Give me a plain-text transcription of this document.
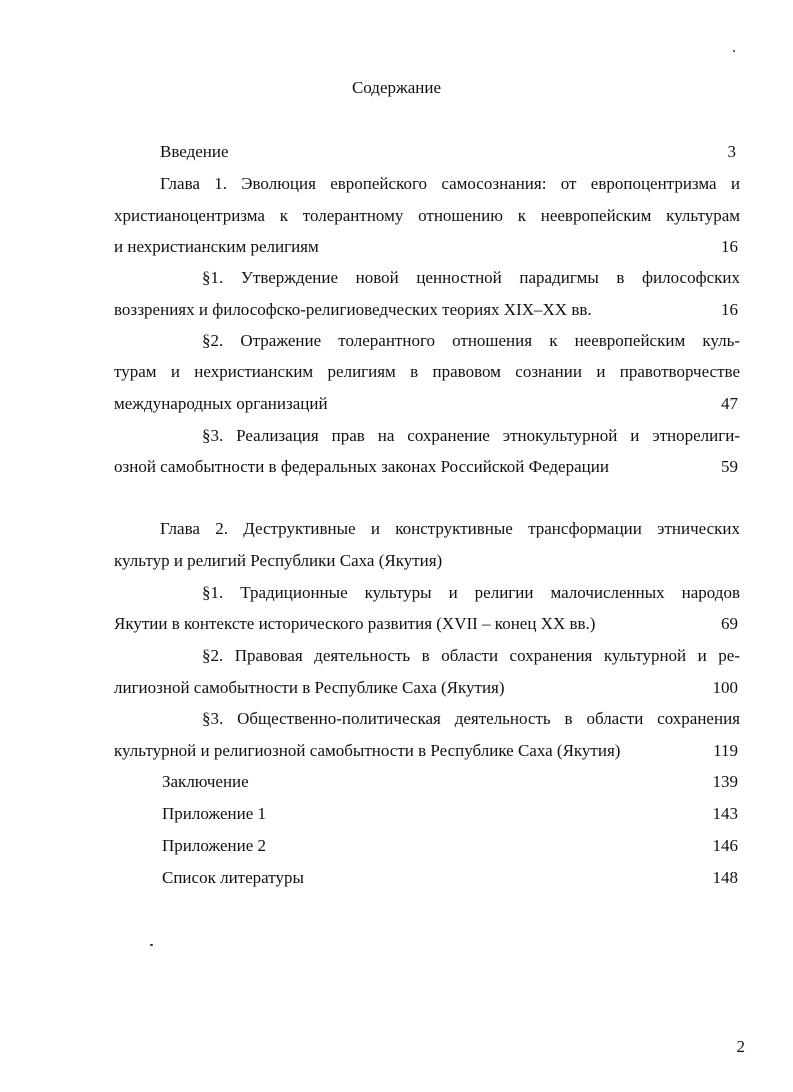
Содержание
Введение	3
Глава 1. Эволюция европейского самосознания: от европоцентризма и
христианоцентризма к толерантному отношению к неевропейским культурам
и нехристианским религиям	16
§1. Утверждение новой ценностной парадигмы в философских
воззрениях и философско-религиоведческих теориях XIX–XX вв.	16
§2. Отражение толерантного отношения к неевропейским куль-
турам и нехристианским религиям в правовом сознании и правотворчестве
международных организаций	47
§3. Реализация прав на сохранение этнокультурной и этнорелиги-
озной самобытности в федеральных законах Российской Федерации	59
Глава 2. Деструктивные и конструктивные трансформации этнических
культур и религий Республики Саха (Якутия)
§1. Традиционные культуры и религии малочисленных народов
Якутии в контексте исторического развития (XVII – конец XX вв.)	69
§2. Правовая деятельность в области сохранения культурной и ре-
лигиозной самобытности в Республике Саха (Якутия)	100
§3. Общественно-политическая деятельность в области сохранения
культурной и религиозной самобытности в Республике Саха (Якутия)	119
Заключение	139
Приложение 1	143
Приложение 2	146
Список литературы	148
2
